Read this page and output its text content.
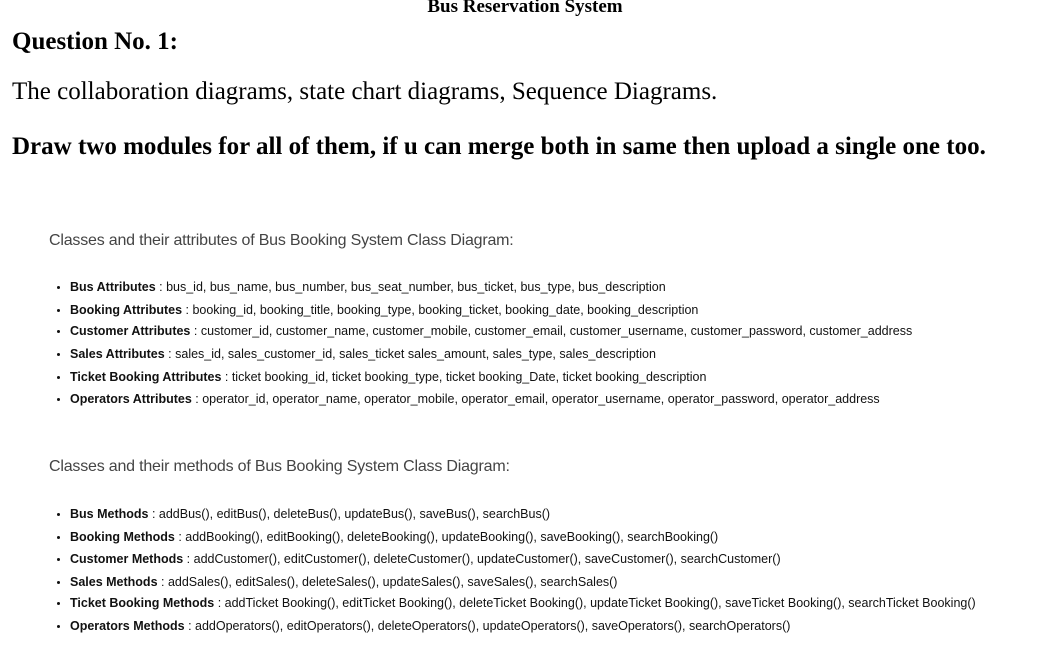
Bus Reservation System
Question No. 1:
The collaboration diagrams, state chart diagrams, Sequence Diagrams.
Draw two modules for all of them, if u can merge both in same then upload a single one too.
Classes and their attributes of Bus Booking System Class Diagram:
• Bus Attributes : bus_id, bus_name, bus_number, bus_seat_number, bus_ticket, bus_type, bus_description
• Booking Attributes : booking_id, booking_title, booking_type, booking_ticket, booking_date, booking_description
• Customer Attributes : customer_id, customer_name, customer_mobile, customer_email, customer_username, customer_password, customer_address
• Sales Attributes : sales_id, sales_customer_id, sales_ticket sales_amount, sales_type, sales_description
• Ticket Booking Attributes : ticket booking_id, ticket booking_type, ticket booking_Date, ticket booking_description
• Operators Attributes : operator_id, operator_name, operator_mobile, operator_email, operator_username, operator_password, operator_address
Classes and their methods of Bus Booking System Class Diagram:
• Bus Methods : addBus(), editBus(), deleteBus(), updateBus(), saveBus(), searchBus()
• Booking Methods : addBooking(), editBooking(), deleteBooking(), updateBooking(), saveBooking(), searchBooking()
• Customer Methods : addCustomer(), editCustomer(), deleteCustomer(), updateCustomer(), saveCustomer(), searchCustomer()
• Sales Methods : addSales(), editSales(), deleteSales(), updateSales(), saveSales(), searchSales()
• Ticket Booking Methods : addTicket Booking(), editTicket Booking(), deleteTicket Booking(), updateTicket Booking(), saveTicket Booking(), searchTicket Booking()
• Operators Methods : addOperators(), editOperators(), deleteOperators(), updateOperators(), saveOperators(), searchOperators()
